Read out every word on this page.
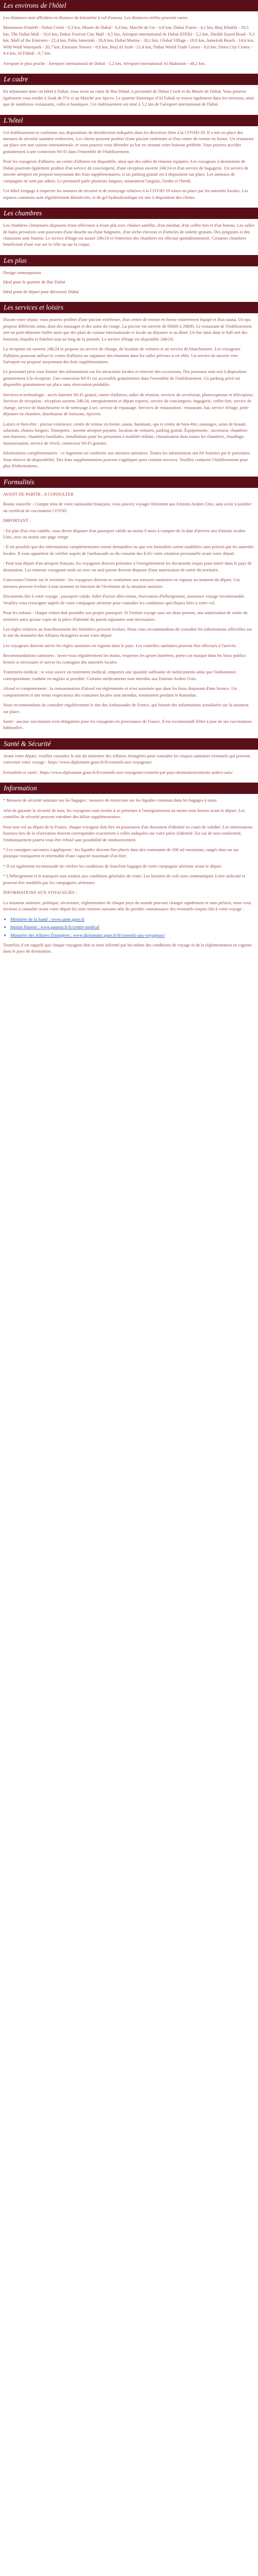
Les environs de l'hôtel

Les distances sont affichées en distance de kilomètre à vol d'oiseau. Les distances réelles peuvent varier.

Monument d'intérêt : Dubai Creek - 0,3 km, Musée de Dubaï - 0,4 km, Marché de l'or - 0,8 km, Dubai Frame - 4,1 km, Burj Khalifa - 10,5 km, The Dubai Mall - 10,6 km, Dubai Festival City Mall - 8,5 km, Aéroport international de Dubaï (DXB) - 5,2 km, Sheikh Zayed Road - 9,3 km, Mall of the Emirates - 22,4 km, Palm Jumeirah - 26,8 km, Dubai Marina - 28,1 km, Global Village - 18,0 km, Jumeirah Beach - 14,6 km, Wild Wadi Waterpark - 20,7 km, Emirates Towers - 8,6 km, Burj Al Arab - 21,4 km, Dubai World Trade Centre - 8,0 km, Deira City Centre - 4,4 km, Al Fahidi - 0,7 km.

Aéroport le plus proche : Aéroport international de Dubaï - 5,2 km, Aéroport international Al Maktoum - 48,2 km.

Le cadre

En séjournant dans cet hôtel à Dubaï, vous serez au cœur de Bur Dubaï, à proximité de Dubai Creek et du Musée de Dubaï. Vous pourrez également vous rendre à Souk de l'Or et au Marché aux épices. Le quartier historique d'Al Fahidi se trouve également dans les environs, ainsi que de nombreux restaurants, cafés et boutiques. Cet établissement est situé à 5,2 km de l'aéroport international de Dubaï.

L'hôtel

Cet établissement se conforme aux dispositions de désinfection indiquées dans les directives liées à la COVID-19. Il a mis en place des mesures de sécurité sanitaire renforcées. Les clients peuvent profiter d'une piscine extérieure et d'un centre de remise en forme. Un restaurant sur place sert une cuisine internationale, et vous pourrez vous détendre au bar en sirotant votre boisson préférée. Vous pourrez accéder gratuitement à une connexion Wi-Fi dans l'ensemble de l'établissement.

Pour les voyageurs d'affaires, un centre d'affaires est disponible, ainsi que des salles de réunion équipées. Les voyageurs à destination de Dubaï pourront également profiter d'un service de conciergerie, d'une réception ouverte 24h/24 et d'un service de bagagerie. Un service de navette aéroport est proposé moyennant des frais supplémentaires, et un parking gratuit est à disposition sur place. Les animaux de compagnie ne sont pas admis. Le personnel parle plusieurs langues, notamment l'anglais, l'arabe et l'hindi.

Cet hôtel s'engage à respecter les mesures de sécurité et de nettoyage relatives à la COVID-19 mises en place par les autorités locales. Les espaces communs sont régulièrement désinfectés, et du gel hydroalcoolique est mis à disposition des clients.

Les chambres

Les chambres climatisées disposent d'une télévision à écran plat avec chaînes satellite, d'un minibar, d'un coffre-fort et d'un bureau. Les salles de bains privatives sont pourvues d'une douche ou d'une baignoire, d'un sèche-cheveux et d'articles de toilette gratuits. Des peignoirs et des chaussons sont fournis. Le service d'étage est assuré 24h/24 et l'entretien des chambres est effectué quotidiennement. Certaines chambres bénéficient d'une vue sur la ville ou sur la crique.

Les plus
Design contemporain
Ideal pour le quartier de Bur Dubai
Idéal point de départ pour découvrir Dubaï
Les services et loisirs

Durant votre séjour, vous pourrez profiter d'une piscine extérieure, d'un centre de remise en forme entièrement équipé et d'un sauna. Un spa propose différents soins, dont des massages et des soins du visage. La piscine est ouverte de 06h00 à 20h00. Le restaurant de l'établissement sert un petit-déjeuner buffet ainsi que des plats de cuisine internationale et locale au déjeuner et au dîner. Un bar situé dans le hall sert des boissons chaudes et fraîches tout au long de la journée. Le service d'étage est disponible 24h/24.

La réception est ouverte 24h/24 et propose un service de change, de location de voitures et un service de blanchisserie. Les voyageurs d'affaires pourront utiliser le centre d'affaires ou organiser des réunions dans les salles prévues à cet effet. Un service de navette vers l'aéroport est proposé moyennant des frais supplémentaires.

Le personnel peut vous fournir des informations sur les attractions locales et réserver des excursions. Des journaux sont mis à disposition gratuitement à la réception. Une connexion Wi-Fi est accessible gratuitement dans l'ensemble de l'établissement. Un parking privé est disponible gratuitement sur place sans réservation préalable.

Services et technologie : accès Internet Wi-Fi gratuit, centre d'affaires, salles de réunion, services de secrétariat, photocopieuse et télécopieur. Services de réception : réception ouverte 24h/24, enregistrement et départ express, service de conciergerie, bagagerie, coffre-fort, service de change, service de blanchisserie et de nettoyage à sec, service de repassage. Services de restauration : restaurant, bar, service d'étage, petit-déjeuner en chambre, distributeur de boissons, épicerie.

Loisirs et bien-être : piscine extérieure, centre de remise en forme, sauna, hammam, spa et centre de bien-être, massages, soins de beauté, solarium, chaises longues. Transports : navette aéroport payante, location de voitures, parking gratuit. Équipements : ascenseur, chambres non-fumeurs, chambres familiales, installations pour les personnes à mobilité réduite, climatisation dans toutes les chambres, chauffage, insonorisation, service de réveil, connexion Wi-Fi gratuite.

Informations complémentaires : ce logement est conforme aux mesures sanitaires. Toutes les informations ont été fournies par le partenaire. Sous réserve de disponibilité. Des frais supplémentaires peuvent s'appliquer pour certains services. Veuillez contacter l'établissement pour plus d'informations.

Formalités

AVANT DE PARTIR : A CONSULTER

Bonne nouvelle - Compte tenu de votre nationalité française, vous pouvez voyager librement aux Emirats Arabes Unis, sans avoir à justifier un certificat de vaccination COVID.

IMPORTANT :

- En plus d'un visa valable, vous devez disposer d'un passeport valide au moins 6 mois à compter de la date d'arrivée aux Emirats Arabes Unis, avec au moins une page vierge.

- Il est possible que des informations complémentaires soient demandées ou que vos formalités soient modifiées sans préavis par les autorités locales. Il vous appartient de vérifier auprès de l'ambassade ou du consulat des EAU votre situation personnelle avant votre départ.

- Pour tout départ d'un aéroport français, les voyageurs doivent présenter à l'enregistrement les documents requis pour entrer dans le pays de destination. Les mineurs voyageant seuls ou avec un seul parent doivent disposer d'une autorisation de sortie du territoire.

Concernant l'entrée sur le territoire : les voyageurs doivent se conformer aux mesures sanitaires en vigueur au moment du départ. Ces mesures peuvent évoluer à tout moment en fonction de l'évolution de la situation sanitaire.

Documents liés à votre voyage : passeport valide, billet d'avion aller-retour, réservation d'hébergement, assurance voyage recommandée. Veuillez vous renseigner auprès de votre compagnie aérienne pour connaître les conditions spécifiques liées à votre vol.

Pour les enfants : chaque enfant doit posséder son propre passeport. Si l'enfant voyage sans ses deux parents, une autorisation de sortie du territoire ainsi qu'une copie de la pièce d'identité du parent signataire sont nécessaires.

Les règles relatives au franchissement des frontières peuvent évoluer. Nous vous recommandons de consulter les informations officielles sur le site du ministère des Affaires étrangères avant votre départ.

Les voyageurs doivent suivre les règles sanitaires en vigueur dans le pays. Les contrôles sanitaires peuvent être effectués à l'arrivée.

Recommandations sanitaires : lavez-vous régulièrement les mains, respectez les gestes barrières, portez un masque dans les lieux publics fermés si nécessaire et suivez les consignes des autorités locales.

Traitement médical : si vous suivez un traitement médical, emportez une quantité suffisante de médicaments ainsi que l'ordonnance correspondante, traduite en anglais si possible. Certains médicaments sont interdits aux Emirats Arabes Unis.

Alcool et comportement : la consommation d'alcool est réglementée et n'est autorisée que dans les lieux disposant d'une licence. Un comportement et une tenue respectueux des coutumes locales sont attendus, notamment pendant le Ramadan.

Nous recommandons de consulter régulièrement le site des Ambassades de France, qui fournit des informations actualisées sur la situation sur place.

Santé : aucune vaccination n'est obligatoire pour les voyageurs en provenance de France. Il est recommandé d'être à jour de ses vaccinations habituelles.

Santé & Sécurité

Avant votre départ, veuillez consulter le site du ministère des Affaires étrangères pour connaître les risques sanitaires éventuels qui peuvent concerner votre voyage : https://www.diplomatie.gouv.fr/fr/conseils-aux-voyageurs/

Formalités et santé : https://www.diplomatie.gouv.fr/fr/conseils-aux-voyageurs/conseils-par-pays-destination/emirats-arabes-unis/

Information

* Mesures de sécurité sanitaire sur les bagages : mesures de restriction sur les liquides contenus dans les bagages à main.

Afin de garantir la sécurité de tous, les voyageurs sont invités à se présenter à l'enregistrement au moins trois heures avant le départ. Les contrôles de sécurité peuvent entraîner des délais supplémentaires.

Pour tout vol au départ de la France, chaque voyageur doit être en possession d'un document d'identité en cours de validité. Les informations fournies lors de la réservation doivent correspondre exactement à celles indiquées sur votre pièce d'identité. En cas de non-conformité, l'embarquement pourra vous être refusé sans possibilité de remboursement.

* Les consignes suivantes s'appliquent : les liquides doivent être placés dans des contenants de 100 ml maximum, rangés dans un sac plastique transparent et refermable d'une capacité maximale d'un litre.

* Il est également recommandé de vérifier les conditions de franchise bagages de votre compagnie aérienne avant le départ.

* L'hébergement et le transport sont soumis aux conditions générales de vente. Les horaires de vols sont communiqués à titre indicatif et peuvent être modifiés par les compagnies aériennes.

INFORMATIONS AUX VOYAGEURS :

La situation sanitaire, politique, sécuritaire, réglementaire de chaque pays du monde pouvant changer rapidement et sans préavis, nous vous invitons à consulter avant votre départ les sites internet suivants afin de prendre connaissance des éventuels risques liés à votre voyage :

• Ministère de la Santé : www.sante.gouv.fr
• Institut Pasteur : www.pasteur.fr/fr/centre-medical
• Ministère des Affaires Étrangères : www.diplomatie.gouv.fr/fr/conseils-aux-voyageurs/

Toutefois il est rappelé que chaque voyageur doit se tenir informé par lui-même des conditions de voyage et de la réglementation en vigueur dans le pays de destination.
